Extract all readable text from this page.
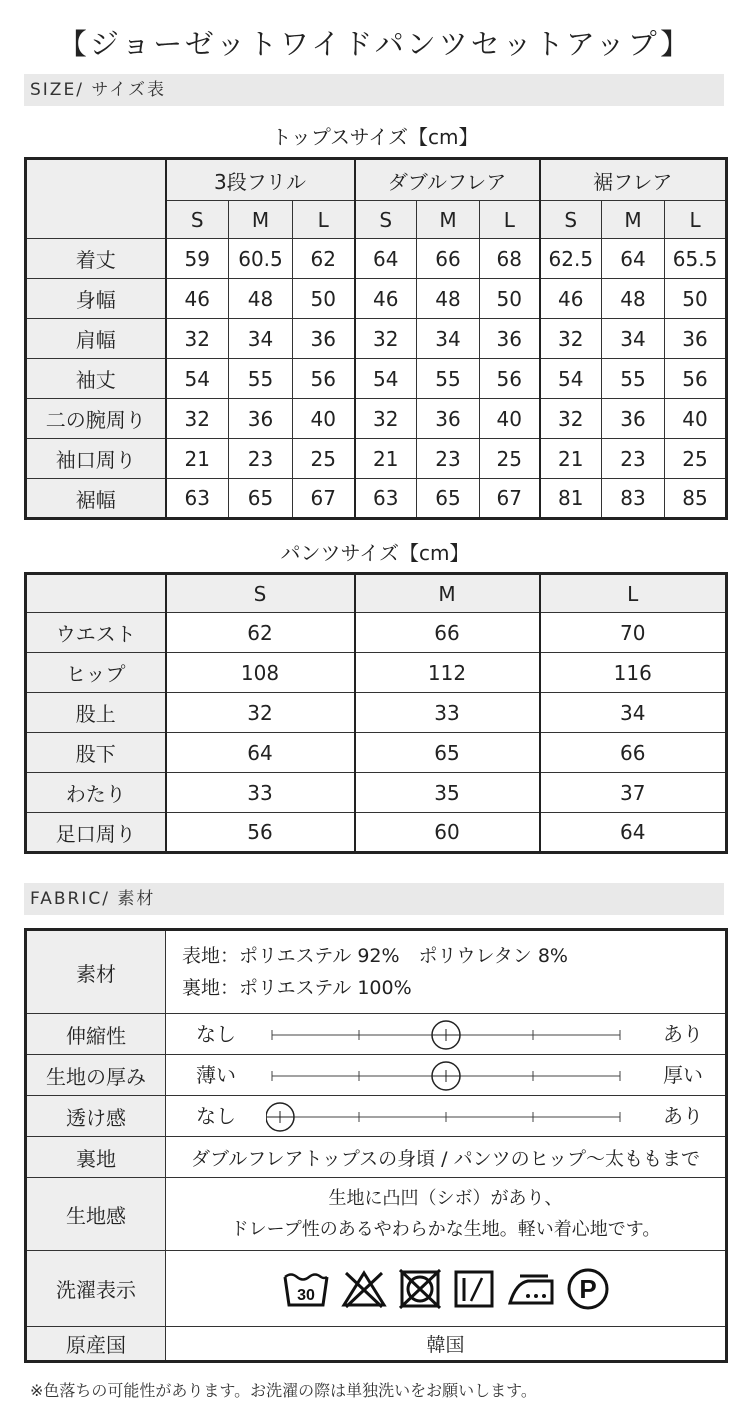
【ジョーゼットワイドパンツセットアップ】
SIZE/ サイズ表
トップスサイズ【cm】
	3段フリル			ダブルフレア			裾フレア		
	S	M	L	S	M	L	S	M	L
着丈	59	60.5	62	64	66	68	62.5	64	65.5
身幅	46	48	50	46	48	50	46	48	50
肩幅	32	34	36	32	34	36	32	34	36
袖丈	54	55	56	54	55	56	54	55	56
二の腕周り	32	36	40	32	36	40	32	36	40
袖口周り	21	23	25	21	23	25	21	23	25
裾幅	63	65	67	63	65	67	81	83	85
パンツサイズ【cm】
	S	M	L
ウエスト	62	66	70
ヒップ	108	112	116
股上	32	33	34
股下	64	65	66
わたり	33	35	37
足口周り	56	60	64
FABRIC/ 素材
素材	表地：ポリエステル 92%　ポリウレタン 8%
裏地：ポリエステル 100%

伸縮性	なし あり

生地の厚み	薄い 厚い

透け感	なし あり

裏地	ダブルフレアトップスの身頃 / パンツのヒップ〜太ももまで
生地感	生地に凸凹（シボ）があり、
ドレープ性のあるやわらかな生地。軽い着心地です。

洗濯表示	30 P

原産国	韓国
※色落ちの可能性があります。お洗濯の際は単独洗いをお願いします。
